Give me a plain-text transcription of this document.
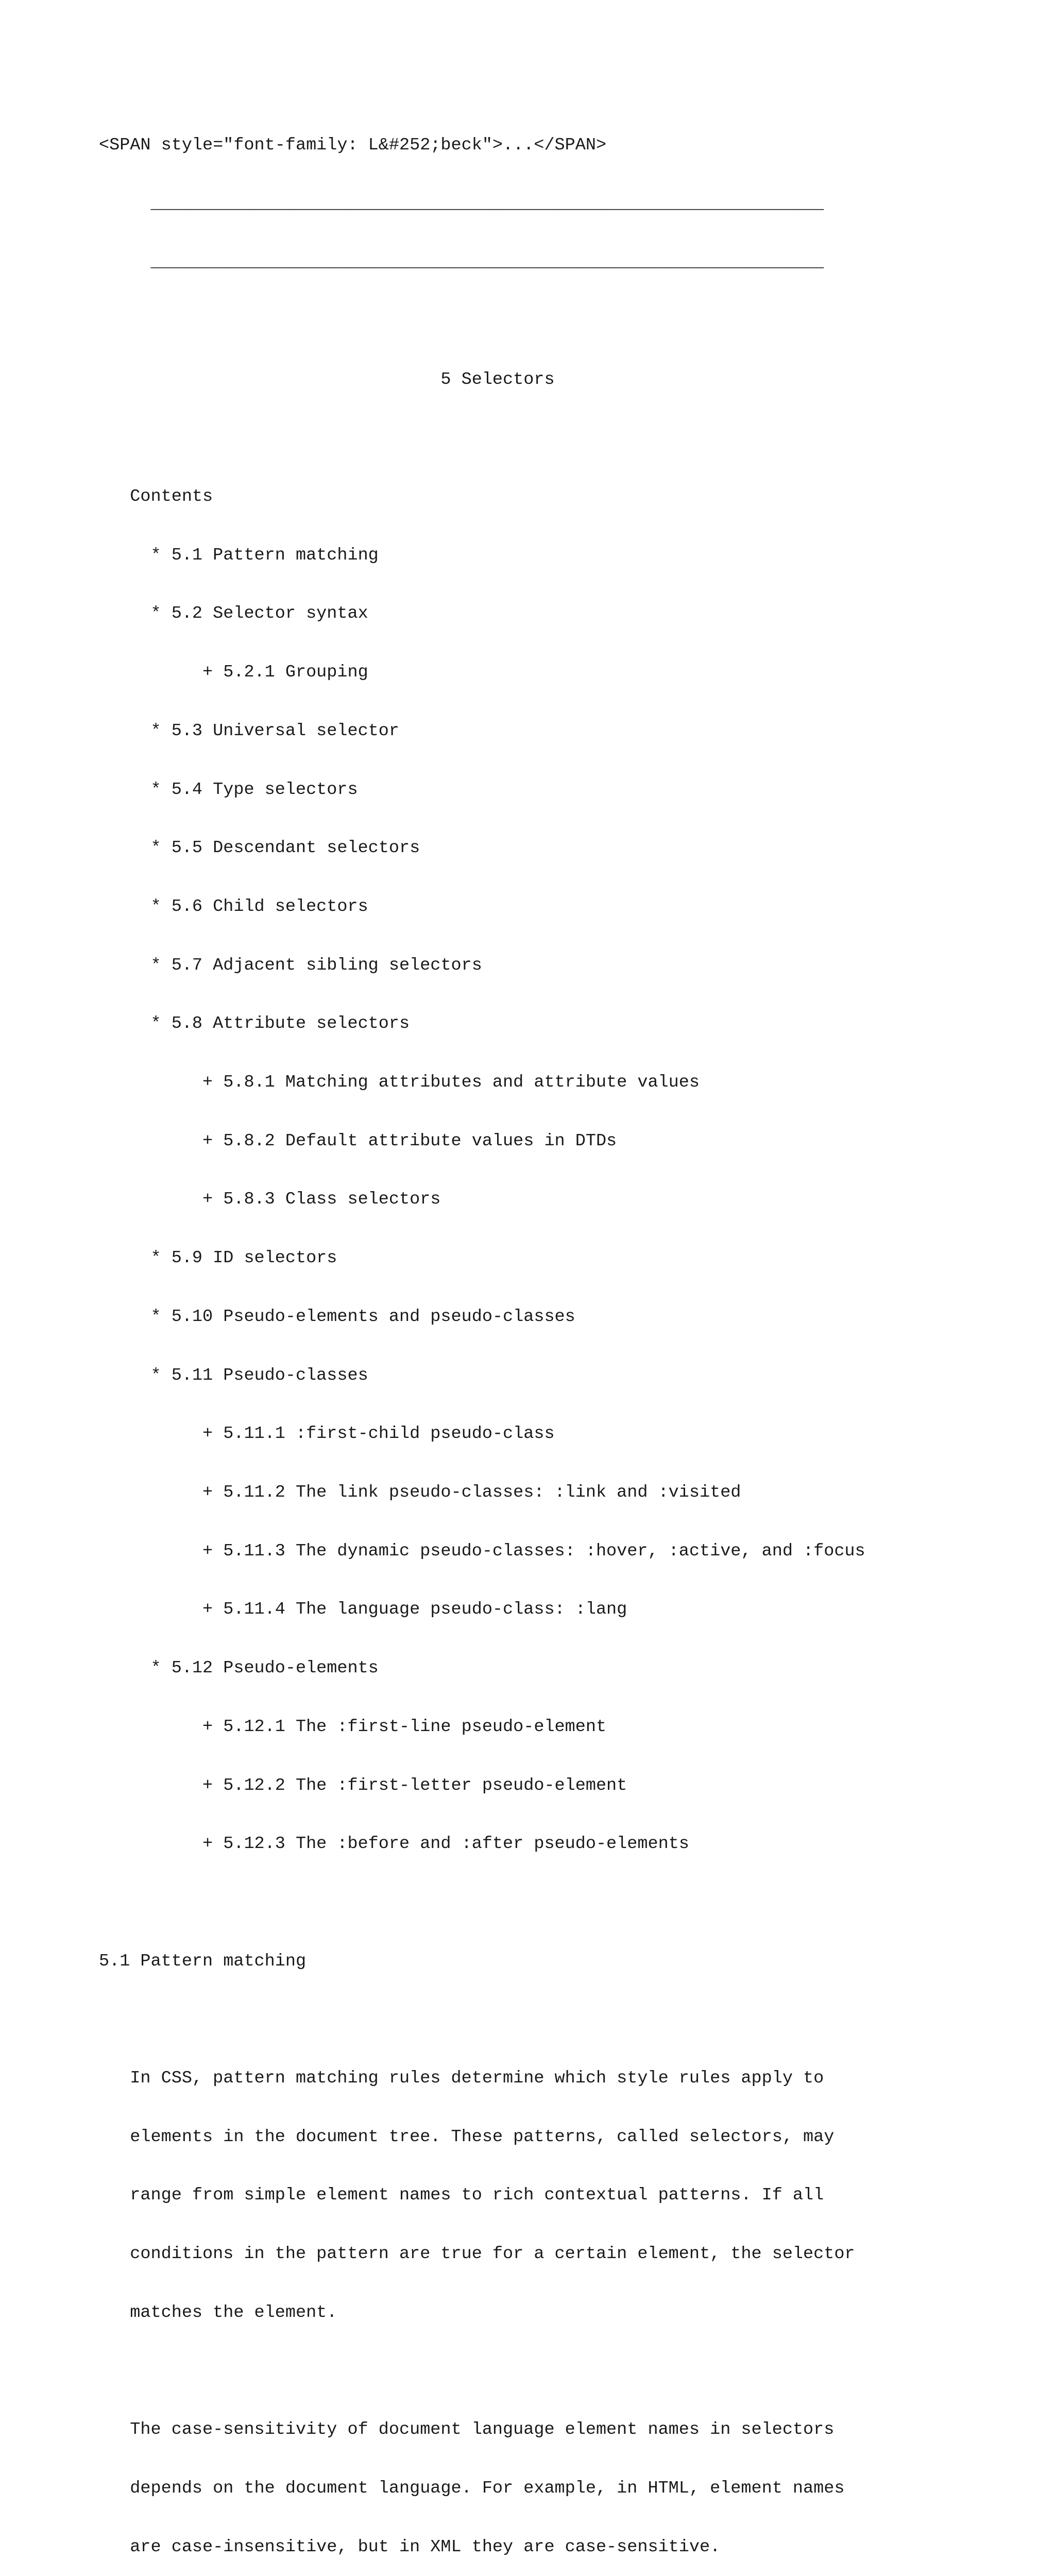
<SPAN style="font-family: L&#252;beck">...</SPAN>

_________________________________________________________________

_________________________________________________________________

5 Selectors

Contents

* 5.1 Pattern matching

* 5.2 Selector syntax

+ 5.2.1 Grouping

* 5.3 Universal selector

* 5.4 Type selectors

* 5.5 Descendant selectors

* 5.6 Child selectors

* 5.7 Adjacent sibling selectors

* 5.8 Attribute selectors

+ 5.8.1 Matching attributes and attribute values

+ 5.8.2 Default attribute values in DTDs

+ 5.8.3 Class selectors

* 5.9 ID selectors

* 5.10 Pseudo-elements and pseudo-classes

* 5.11 Pseudo-classes

+ 5.11.1 :first-child pseudo-class

+ 5.11.2 The link pseudo-classes: :link and :visited

+ 5.11.3 The dynamic pseudo-classes: :hover, :active, and :focus

+ 5.11.4 The language pseudo-class: :lang

* 5.12 Pseudo-elements

+ 5.12.1 The :first-line pseudo-element

+ 5.12.2 The :first-letter pseudo-element

+ 5.12.3 The :before and :after pseudo-elements

5.1 Pattern matching

In CSS, pattern matching rules determine which style rules apply to

elements in the document tree. These patterns, called selectors, may

range from simple element names to rich contextual patterns. If all

conditions in the pattern are true for a certain element, the selector

matches the element.

The case-sensitivity of document language element names in selectors

depends on the document language. For example, in HTML, element names

are case-insensitive, but in XML they are case-sensitive.
